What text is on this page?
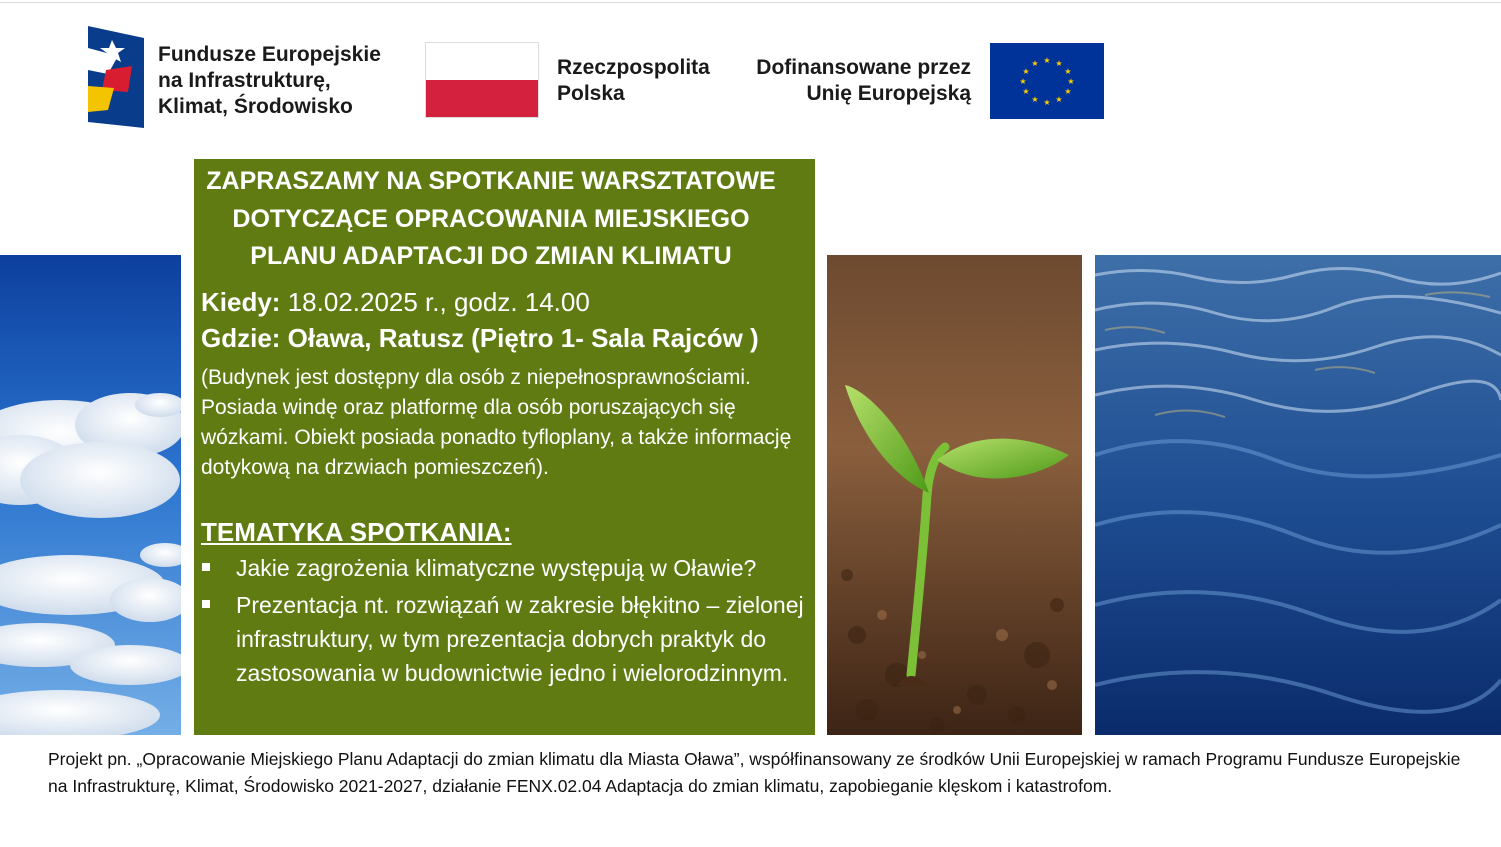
Fundusze Europejskie
na Infrastrukturę,
Klimat, Środowisko
Rzeczpospolita
Polska
Dofinansowane przez
Unię Europejską
★ ★
★
★
★
★
★
★
★
★
★
★
ZAPRASZAMY NA SPOTKANIE WARSZTATOWE
DOTYCZĄCE OPRACOWANIA MIEJSKIEGO
PLANU ADAPTACJI DO ZMIAN KLIMATU
Kiedy: 18.02.2025 r., godz. 14.00
Gdzie: Oława, Ratusz (Piętro 1- Sala Rajców )
(Budynek jest dostępny dla osób z niepełnosprawnościami. Posiada windę oraz platformę dla osób poruszających się wózkami. Obiekt posiada ponadto tyfloplany, a także informację dotykową na drzwiach pomieszczeń).
TEMATYKA SPOTKANIA:
Jakie zagrożenia klimatyczne występują w Oławie?
Prezentacja nt. rozwiązań w zakresie błękitno – zielonej infrastruktury, w tym prezentacja dobrych praktyk do zastosowania w budownictwie jedno i wielorodzinnym.
Projekt pn. „Opracowanie Miejskiego Planu Adaptacji do zmian klimatu dla Miasta Oława”, współfinansowany ze środków Unii Europejskiej w ramach Programu Fundusze Europejskie na Infrastrukturę, Klimat, Środowisko 2021-2027, działanie FENX.02.04 Adaptacja do zmian klimatu, zapobieganie klęskom i katastrofom.
